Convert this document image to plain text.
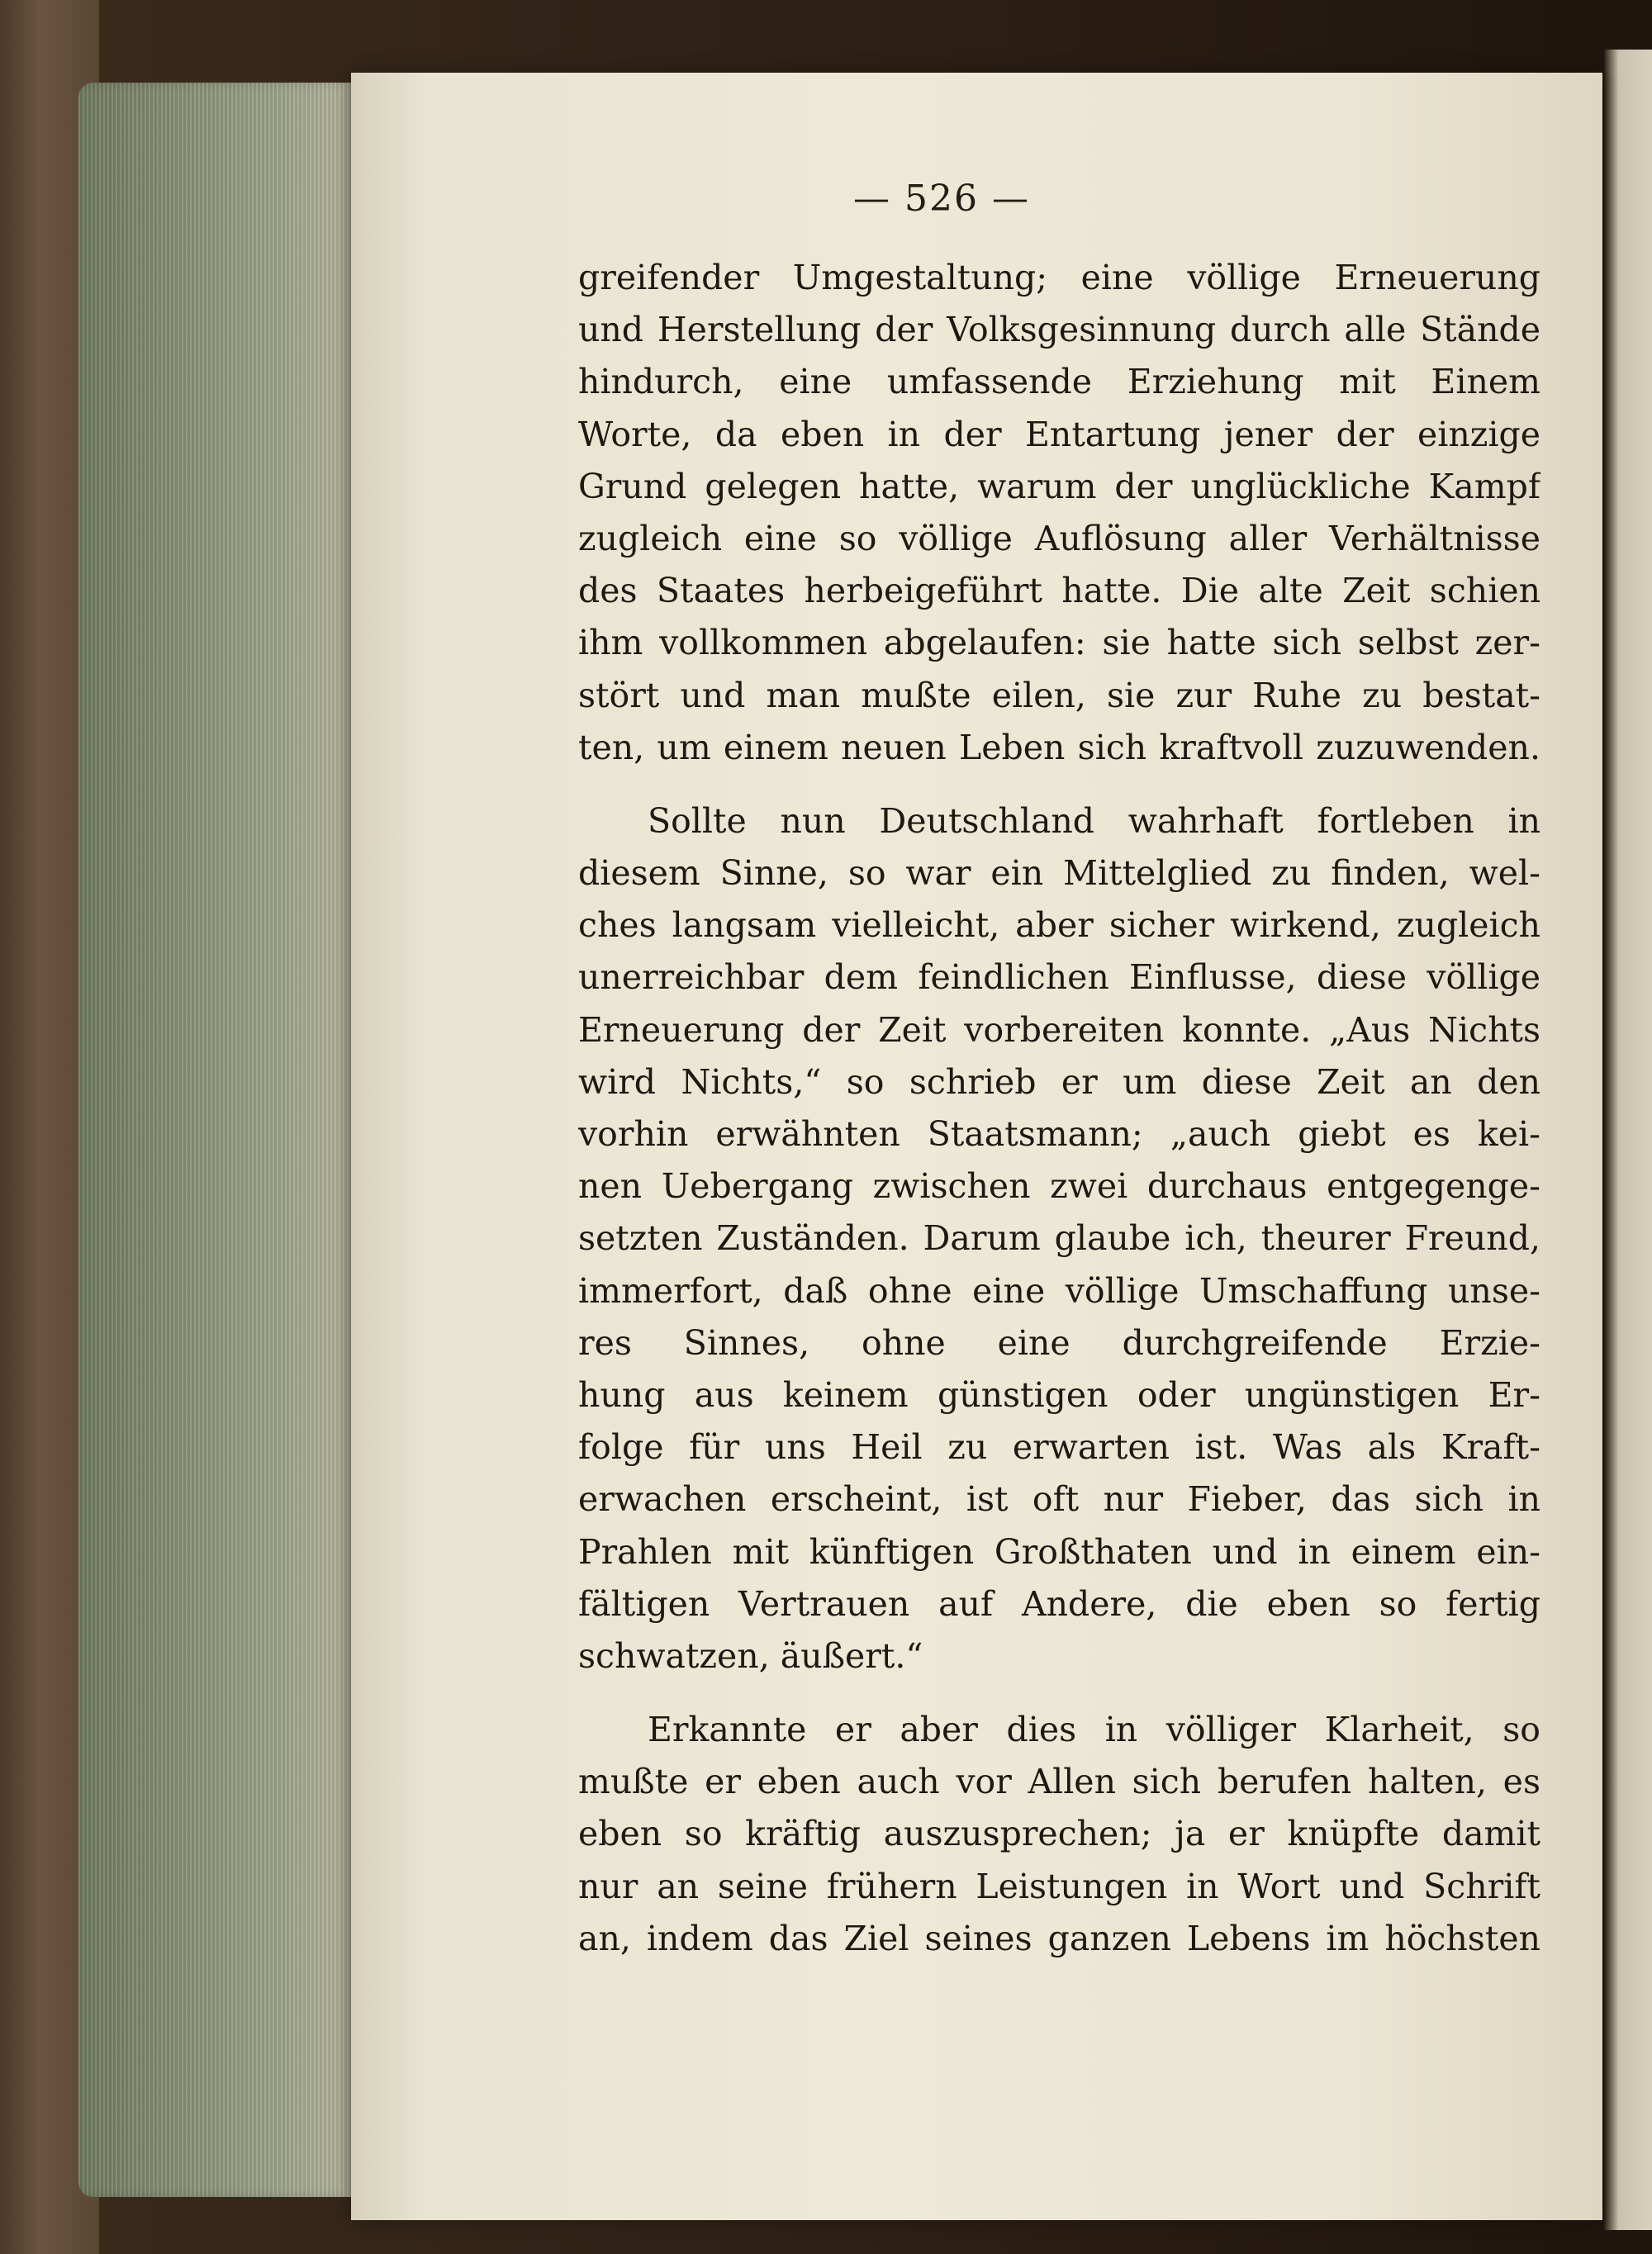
— 526 —
greifender Umgestaltung; eine völlige Erneuerung
und Herstellung der Volksgesinnung durch alle Stände
hindurch, eine umfassende Erziehung mit Einem
Worte, da eben in der Entartung jener der einzige
Grund gelegen hatte, warum der unglückliche Kampf
zugleich eine so völlige Auflösung aller Verhältnisse
des Staates herbeigeführt hatte. Die alte Zeit schien
ihm vollkommen abgelaufen: sie hatte sich selbst zer-
stört und man mußte eilen, sie zur Ruhe zu bestat-
ten, um einem neuen Leben sich kraftvoll zuzuwenden.
Sollte nun Deutschland wahrhaft fortleben in
diesem Sinne, so war ein Mittelglied zu finden, wel-
ches langsam vielleicht, aber sicher wirkend, zugleich
unerreichbar dem feindlichen Einflusse, diese völlige
Erneuerung der Zeit vorbereiten konnte. „Aus Nichts
wird Nichts,“ so schrieb er um diese Zeit an den
vorhin erwähnten Staatsmann; „auch giebt es kei-
nen Uebergang zwischen zwei durchaus entgegenge-
setzten Zuständen. Darum glaube ich, theurer Freund,
immerfort, daß ohne eine völlige Umschaffung unse-
res Sinnes, ohne eine durchgreifende Erzie-
hung aus keinem günstigen oder ungünstigen Er-
folge für uns Heil zu erwarten ist. Was als Kraft-
erwachen erscheint, ist oft nur Fieber, das sich in
Prahlen mit künftigen Großthaten und in einem ein-
fältigen Vertrauen auf Andere, die eben so fertig
schwatzen, äußert.“
Erkannte er aber dies in völliger Klarheit, so
mußte er eben auch vor Allen sich berufen halten, es
eben so kräftig auszusprechen; ja er knüpfte damit
nur an seine frühern Leistungen in Wort und Schrift
an, indem das Ziel seines ganzen Lebens im höchsten
